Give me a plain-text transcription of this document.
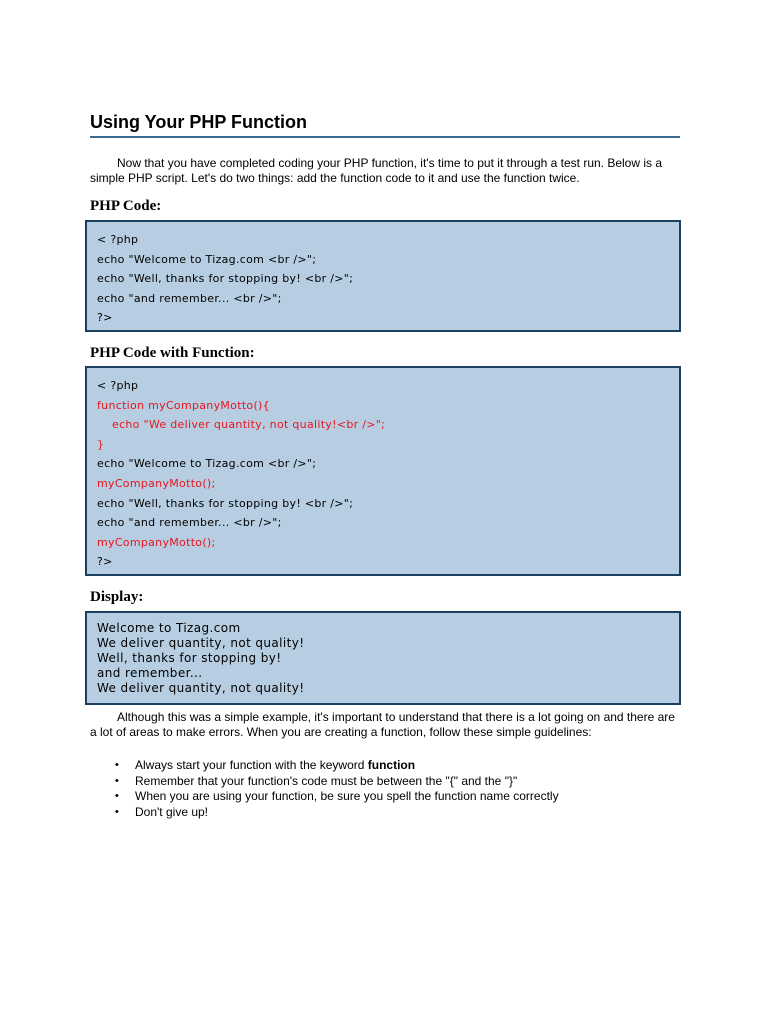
Using Your PHP Function

Now that you have completed coding your PHP function, it's time to put it through a test run. Below is a simple PHP script. Let's do two things: add the function code to it and use the function twice.

PHP Code:
< ?php
echo "Welcome to Tizag.com <br />";
echo "Well, thanks for stopping by! <br />";
echo "and remember... <br />";
?>
PHP Code with Function:
< ?php
function myCompanyMotto(){
echo "We deliver quantity, not quality!<br />";
}
echo "Welcome to Tizag.com <br />";
myCompanyMotto();
echo "Well, thanks for stopping by! <br />";
echo "and remember... <br />";
myCompanyMotto();
?>
Display:
Welcome to Tizag.com
We deliver quantity, not quality!
Well, thanks for stopping by!
and remember...
We deliver quantity, not quality!

Although this was a simple example, it's important to understand that there is a lot going on and there are a lot of areas to make errors. When you are creating a function, follow these simple guidelines:

• Always start your function with the keyword function
• Remember that your function's code must be between the "{" and the "}"
• When you are using your function, be sure you spell the function name correctly
• Don't give up!
